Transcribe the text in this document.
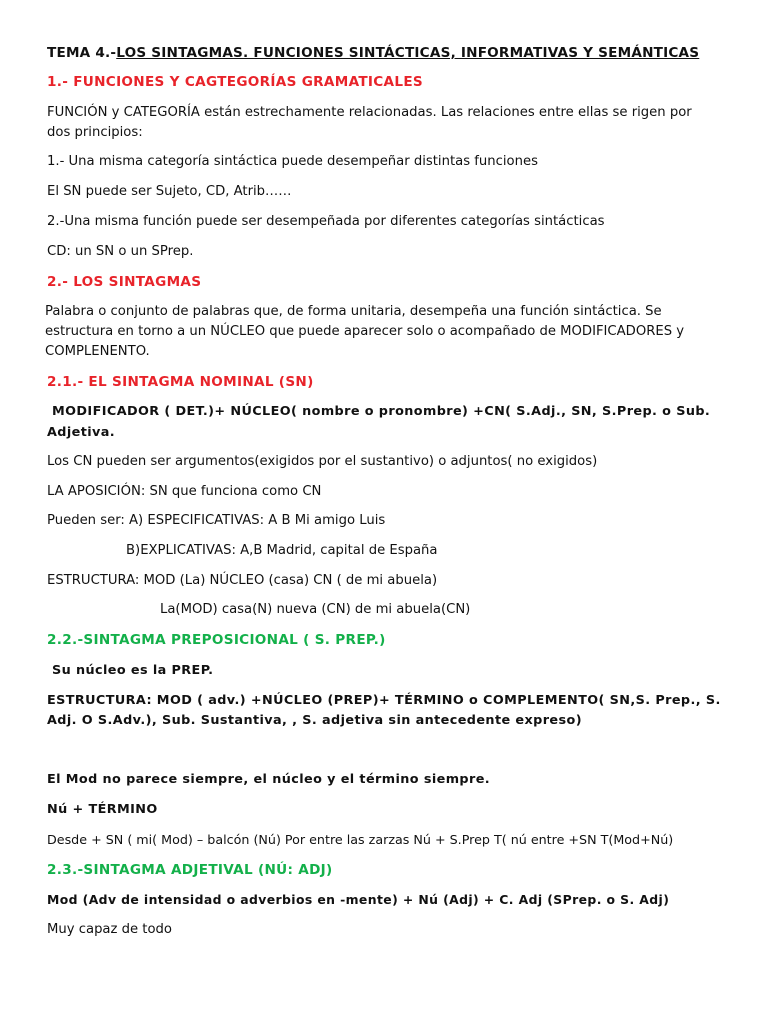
TEMA 4.-LOS SINTAGMAS. FUNCIONES SINTÁCTICAS, INFORMATIVAS Y SEMÁNTICAS
1.- FUNCIONES Y CAGTEGORÍAS GRAMATICALES
FUNCIÓN y CATEGORÍA están estrechamente relacionadas. Las relaciones entre ellas se rigen por
dos principios:
1.- Una misma categoría sintáctica puede desempeñar distintas funciones
El SN puede ser Sujeto, CD, Atrib……
2.-Una misma función puede ser desempeñada por diferentes categorías sintácticas
CD: un SN o un SPrep.
2.- LOS SINTAGMAS
Palabra o conjunto de palabras que, de forma unitaria, desempeña una función sintáctica. Se
estructura en torno a un NÚCLEO que puede aparecer solo o acompañado de MODIFICADORES y
COMPLENENTO.
2.1.- EL SINTAGMA NOMINAL (SN)
MODIFICADOR ( DET.)+ NÚCLEO( nombre o pronombre) +CN( S.Adj., SN, S.Prep. o Sub.
Adjetiva.
Los CN pueden ser argumentos(exigidos por el sustantivo) o adjuntos( no exigidos)
LA APOSICIÓN: SN que funciona como CN
Pueden ser: A) ESPECIFICATIVAS: A B Mi amigo Luis
B)EXPLICATIVAS: A,B Madrid, capital de España
ESTRUCTURA: MOD (La) NÚCLEO (casa) CN ( de mi abuela)
La(MOD) casa(N) nueva (CN) de mi abuela(CN)
2.2.-SINTAGMA PREPOSICIONAL ( S. PREP.)
Su núcleo es la PREP.
ESTRUCTURA: MOD ( adv.) +NÚCLEO (PREP)+ TÉRMINO o COMPLEMENTO( SN,S. Prep., S.
Adj. O S.Adv.), Sub. Sustantiva, , S. adjetiva sin antecedente expreso)
El Mod no parece siempre, el núcleo y el término siempre.
Nú + TÉRMINO
Desde + SN ( mi( Mod) – balcón (Nú) Por entre las zarzas Nú + S.Prep T( nú entre +SN T(Mod+Nú)
2.3.-SINTAGMA ADJETIVAL (NÚ: ADJ)
Mod (Adv de intensidad o adverbios en -mente) + Nú (Adj) + C. Adj (SPrep. o S. Adj)
Muy capaz de todo
